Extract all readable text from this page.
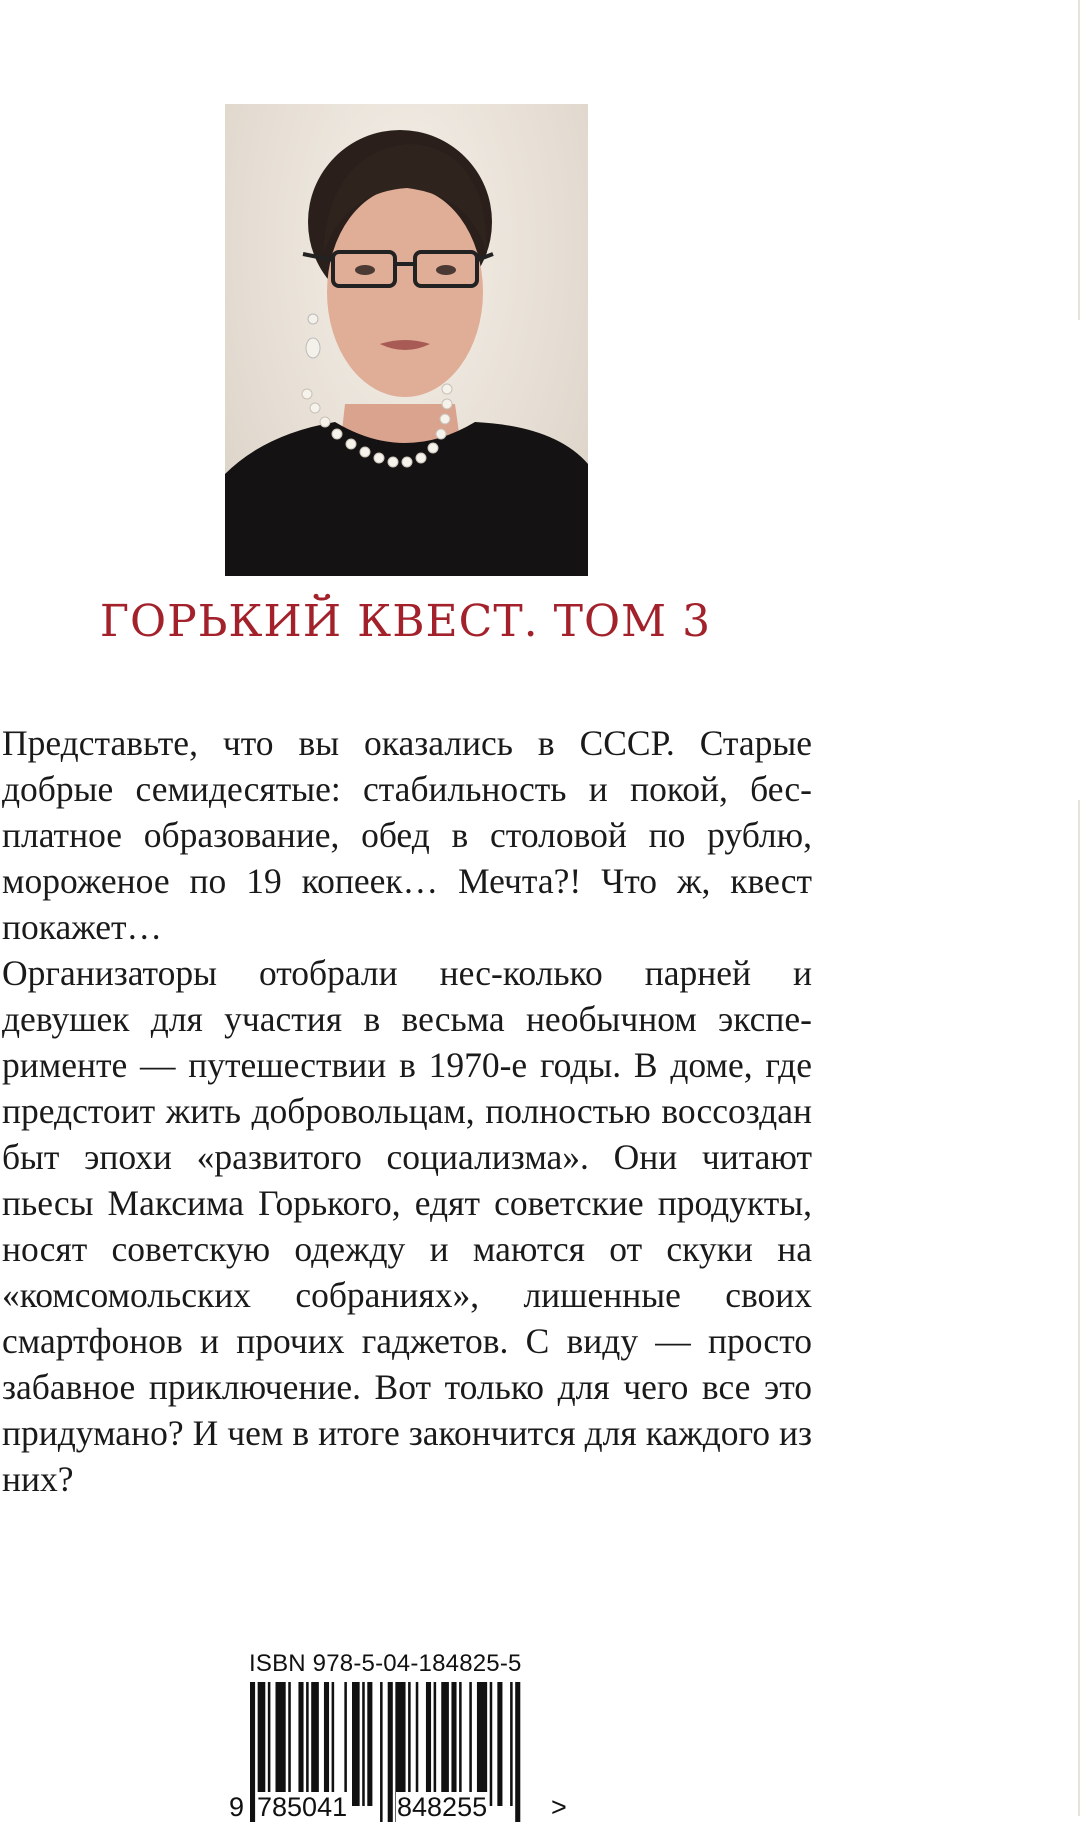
ГОРЬКИЙ КВЕСТ. ТОМ 3

Представьте, что вы оказались в СССР. Старые добрые семидесятые: стабильность и покой, бесплатное образование, обед в столовой по рублю, мороженое по 19 копеек… Мечта?! Что ж, квест покажет…

Организаторы отобрали нес-колько парней и девушек для участия в весьма необычном эксперименте — путешествии в 1970-е годы. В доме, где предстоит жить добровольцам, полностью воссоздан быт эпохи «развитого социализма». Они читают пьесы Максима Горького, едят советские продукты, носят советскую одежду и маются от скуки на «комсомольских собраниях», лишенные своих смартфонов и прочих гаджетов. С виду — просто забавное приключение. Вот только для чего все это придумано? И чем в итоге закончится для каждого из них?

ISBN 978-5-04-184825-5
9 785041 848255 >
